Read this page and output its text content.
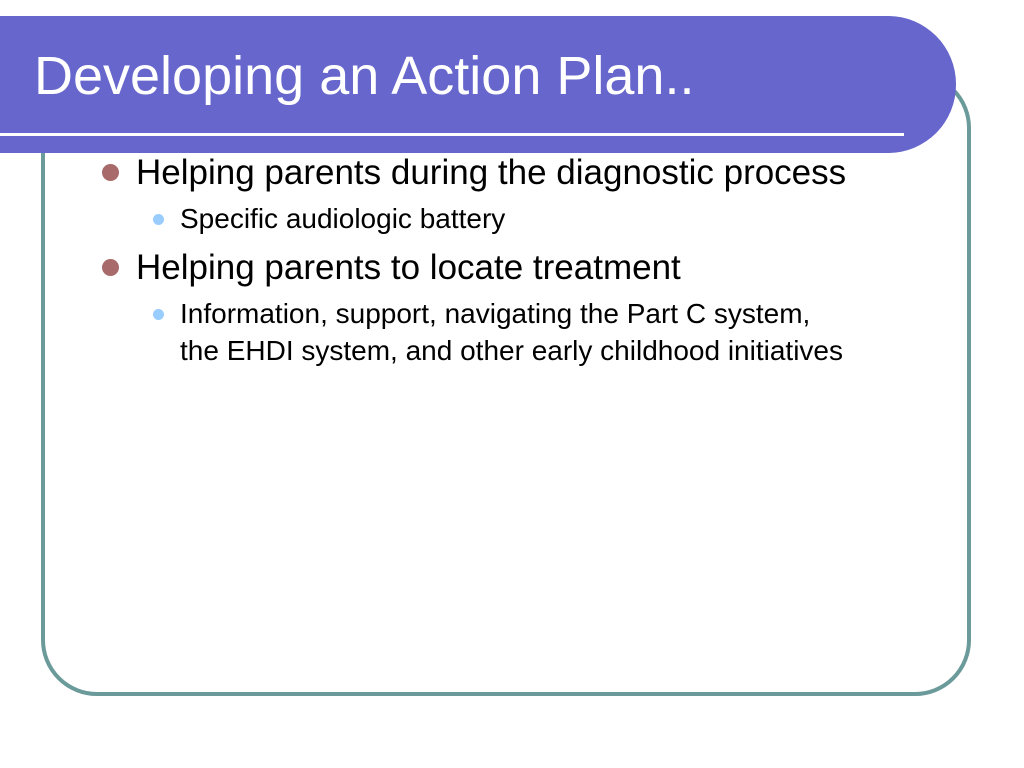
Developing an Action Plan..
Helping parents during the diagnostic process
Specific audiologic battery
Helping parents to locate treatment
Information, support, navigating the Part C system, the EHDI system, and other early childhood initiatives
